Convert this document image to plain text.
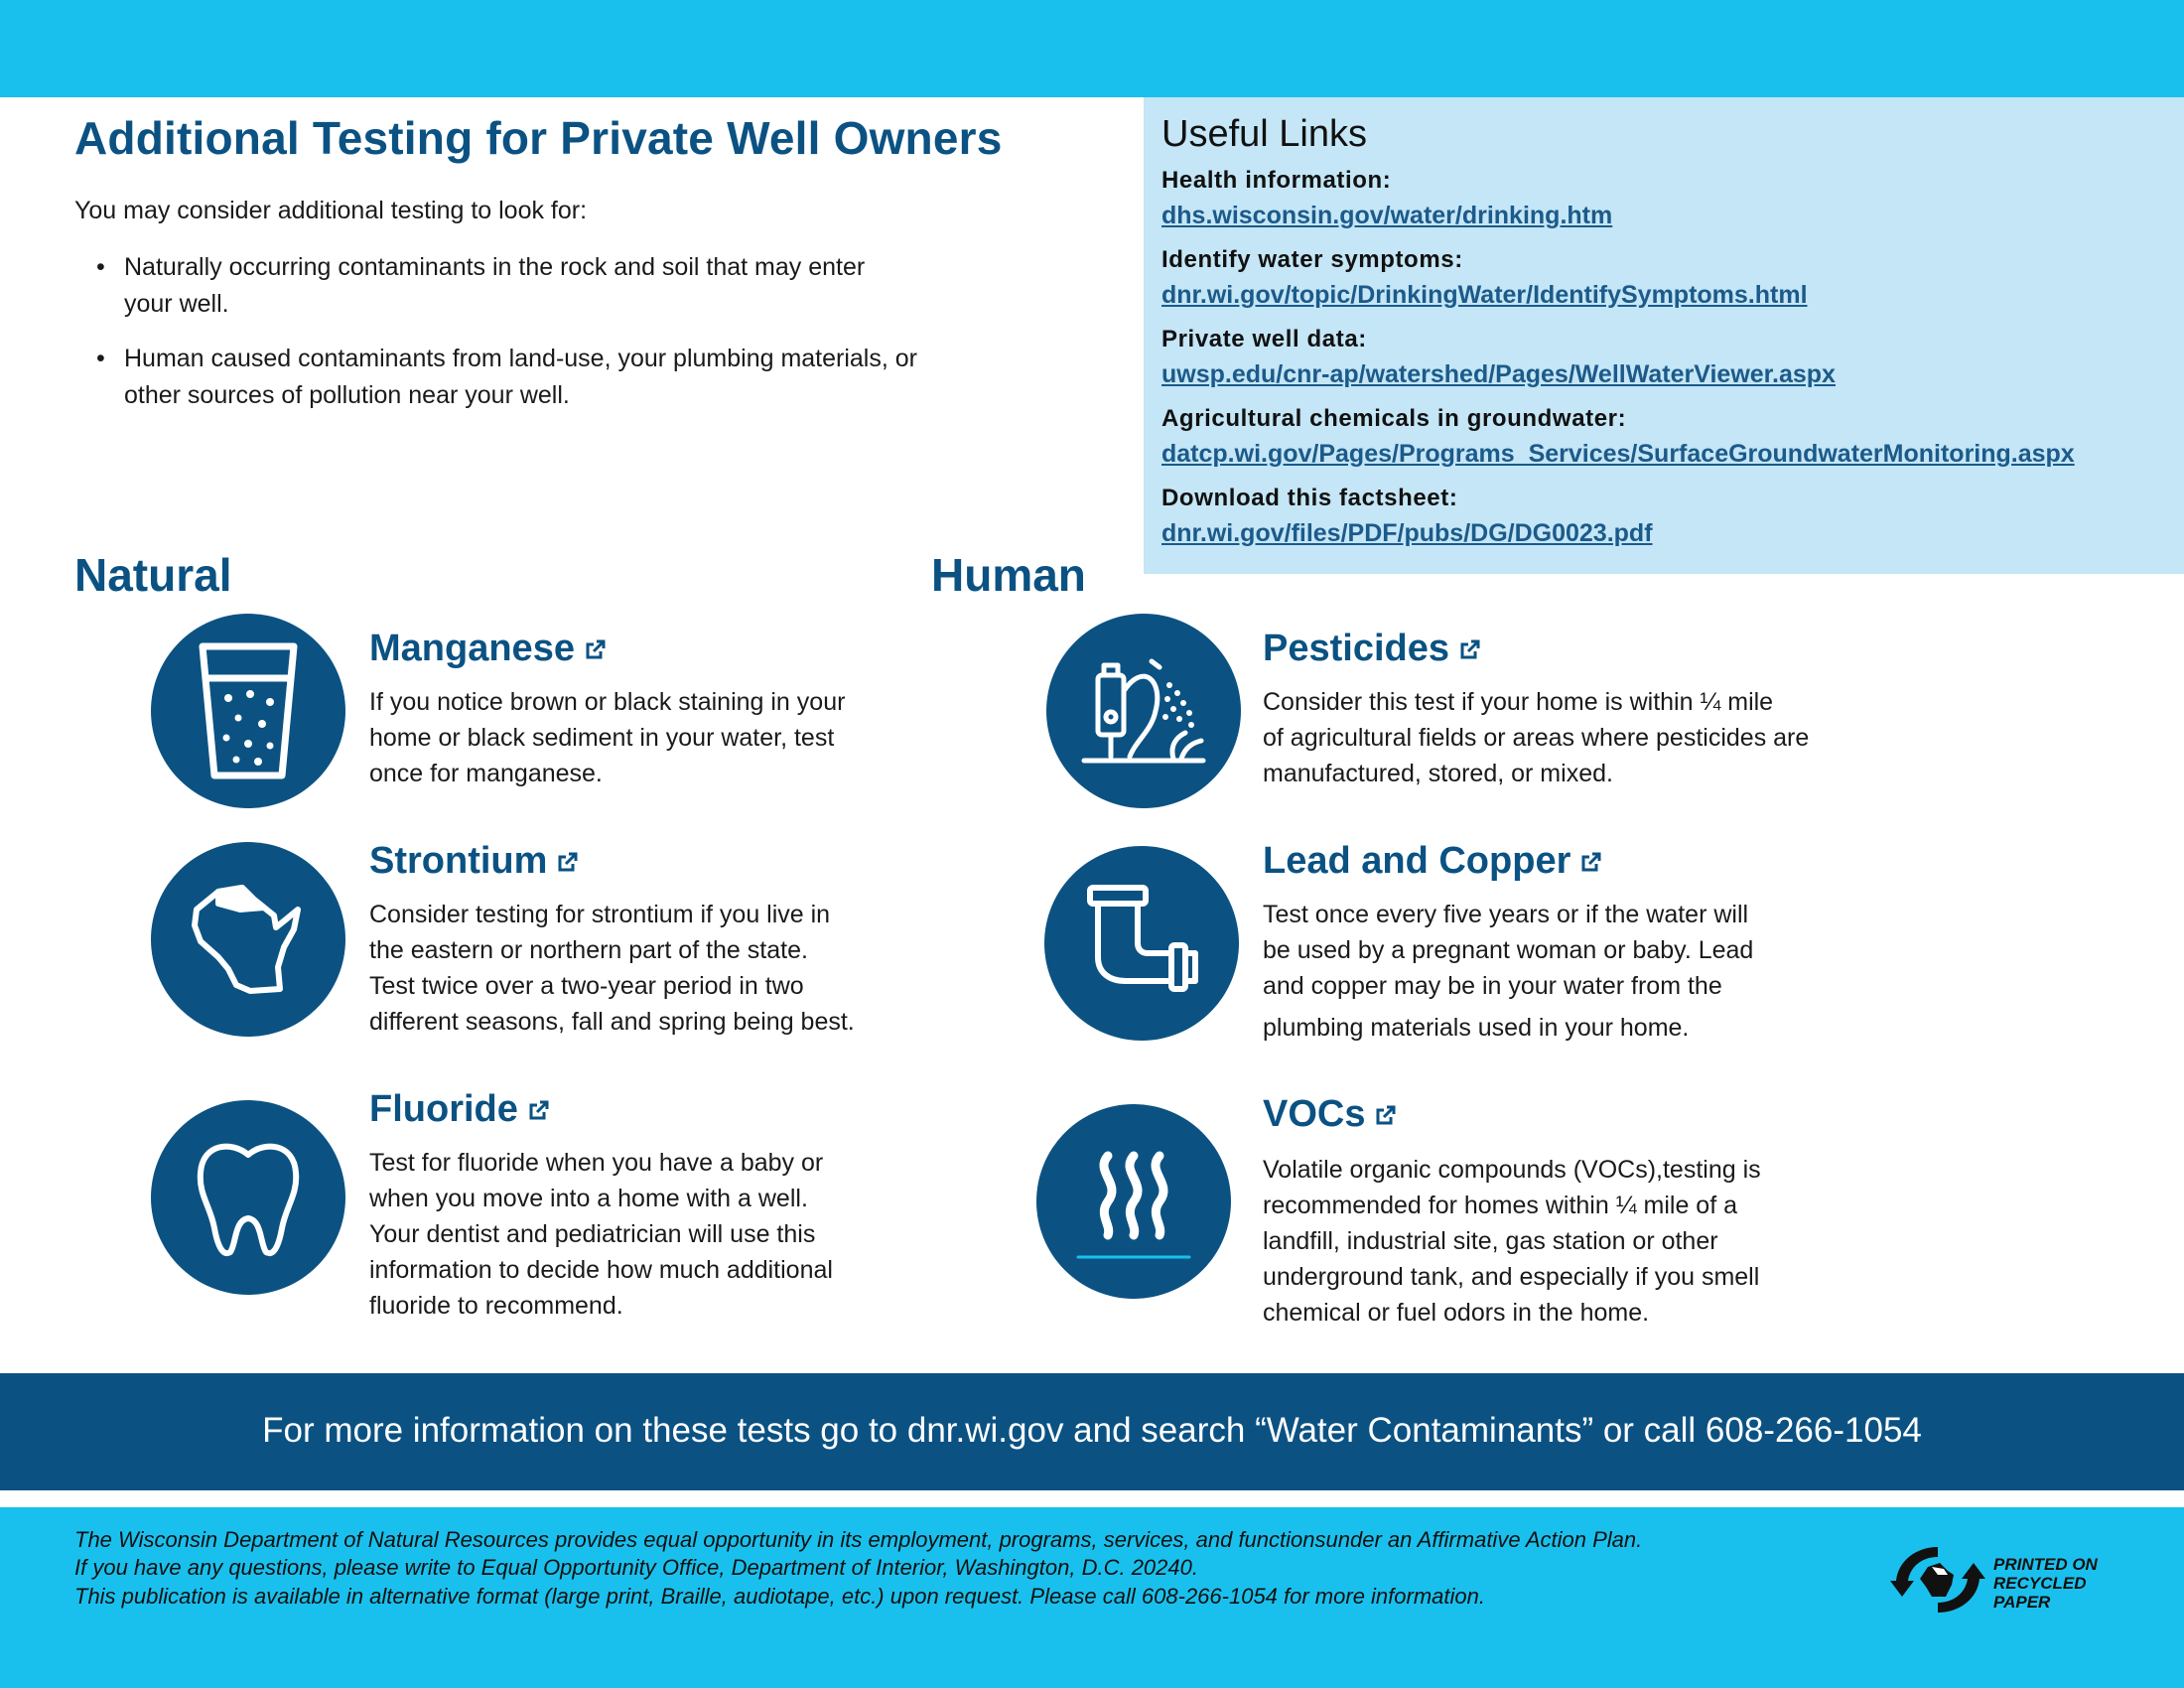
Additional Testing for Private Well Owners
You may consider additional testing to look for:
• Naturally occurring contaminants in the rock and soil that may enter
your well.
• Human caused contaminants from land-use, your plumbing materials, or
other sources of pollution near your well.
Useful Links
Health information:
dhs.wisconsin.gov/water/drinking.htm
Identify water symptoms:
dnr.wi.gov/topic/DrinkingWater/IdentifySymptoms.html
Private well data:
uwsp.edu/cnr-ap/watershed/Pages/WellWaterViewer.aspx
Agricultural chemicals in groundwater:
datcp.wi.gov/Pages/Programs_Services/SurfaceGroundwaterMonitoring.aspx
Download this factsheet:
dnr.wi.gov/files/PDF/pubs/DG/DG0023.pdf
Natural	Human
Manganese
If you notice brown or black staining in your
home or black sediment in your water, test
once for manganese.
Strontium
Consider testing for strontium if you live in
the eastern or northern part of the state.
Test twice over a two-year period in two
different seasons, fall and spring being best.
Fluoride
Test for fluoride when you have a baby or
when you move into a home with a well.
Your dentist and pediatrician will use this
information to decide how much additional
fluoride to recommend.
Pesticides
Consider this test if your home is within ¼ mile
of agricultural fields or areas where pesticides are
manufactured, stored, or mixed.
Lead and Copper
Test once every five years or if the water will
be used by a pregnant woman or baby. Lead
and copper may be in your water from the
plumbing materials used in your home.
VOCs
Volatile organic compounds (VOCs),testing is
recommended for homes within ¼ mile of a
landfill, industrial site, gas station or other
underground tank, and especially if you smell
chemical or fuel odors in the home.
For more information on these tests go to dnr.wi.gov and search “Water Contaminants” or call 608-266-1054
The Wisconsin Department of Natural Resources provides equal opportunity in its employment, programs, services, and functionsunder an Affirmative Action Plan.
If you have any questions, please write to Equal Opportunity Office, Department of Interior, Washington, D.C. 20240.
This publication is available in alternative format (large print, Braille, audiotape, etc.) upon request. Please call 608-266-1054 for more information.
PRINTED ON
RECYCLED
PAPER
